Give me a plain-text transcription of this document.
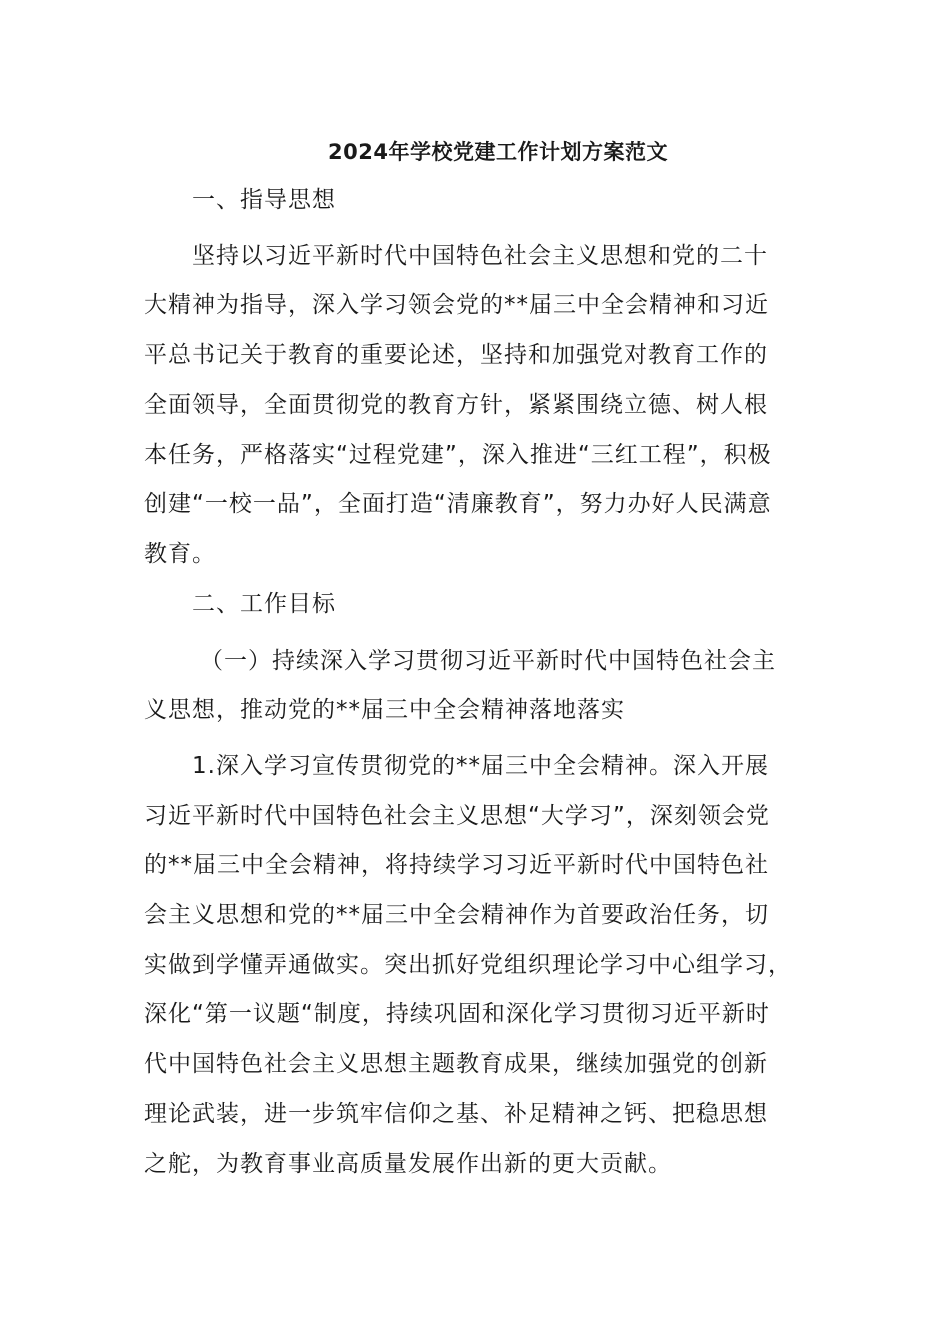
2024年学校党建工作计划方案范文
一、指导思想
坚持以习近平新时代中国特色社会主义思想和党的二十
大精神为指导，深入学习领会党的**届三中全会精神和习近
平总书记关于教育的重要论述，坚持和加强党对教育工作的
全面领导，全面贯彻党的教育方针，紧紧围绕立德、树人根
本任务，严格落实“过程党建”，深入推进“三红工程”，积极
创建“一校一品”，全面打造“清廉教育”，努力办好人民满意
教育。
二、工作目标
（一）持续深入学习贯彻习近平新时代中国特色社会主
义思想，推动党的**届三中全会精神落地落实
1.深入学习宣传贯彻党的**届三中全会精神。深入开展
习近平新时代中国特色社会主义思想“大学习”，深刻领会党
的**届三中全会精神，将持续学习习近平新时代中国特色社
会主义思想和党的**届三中全会精神作为首要政治任务，切
实做到学懂弄通做实。突出抓好党组织理论学习中心组学习，
深化“第一议题“制度，持续巩固和深化学习贯彻习近平新时
代中国特色社会主义思想主题教育成果，继续加强党的创新
理论武装，进一步筑牢信仰之基、补足精神之钙、把稳思想
之舵，为教育事业高质量发展作出新的更大贡献。
